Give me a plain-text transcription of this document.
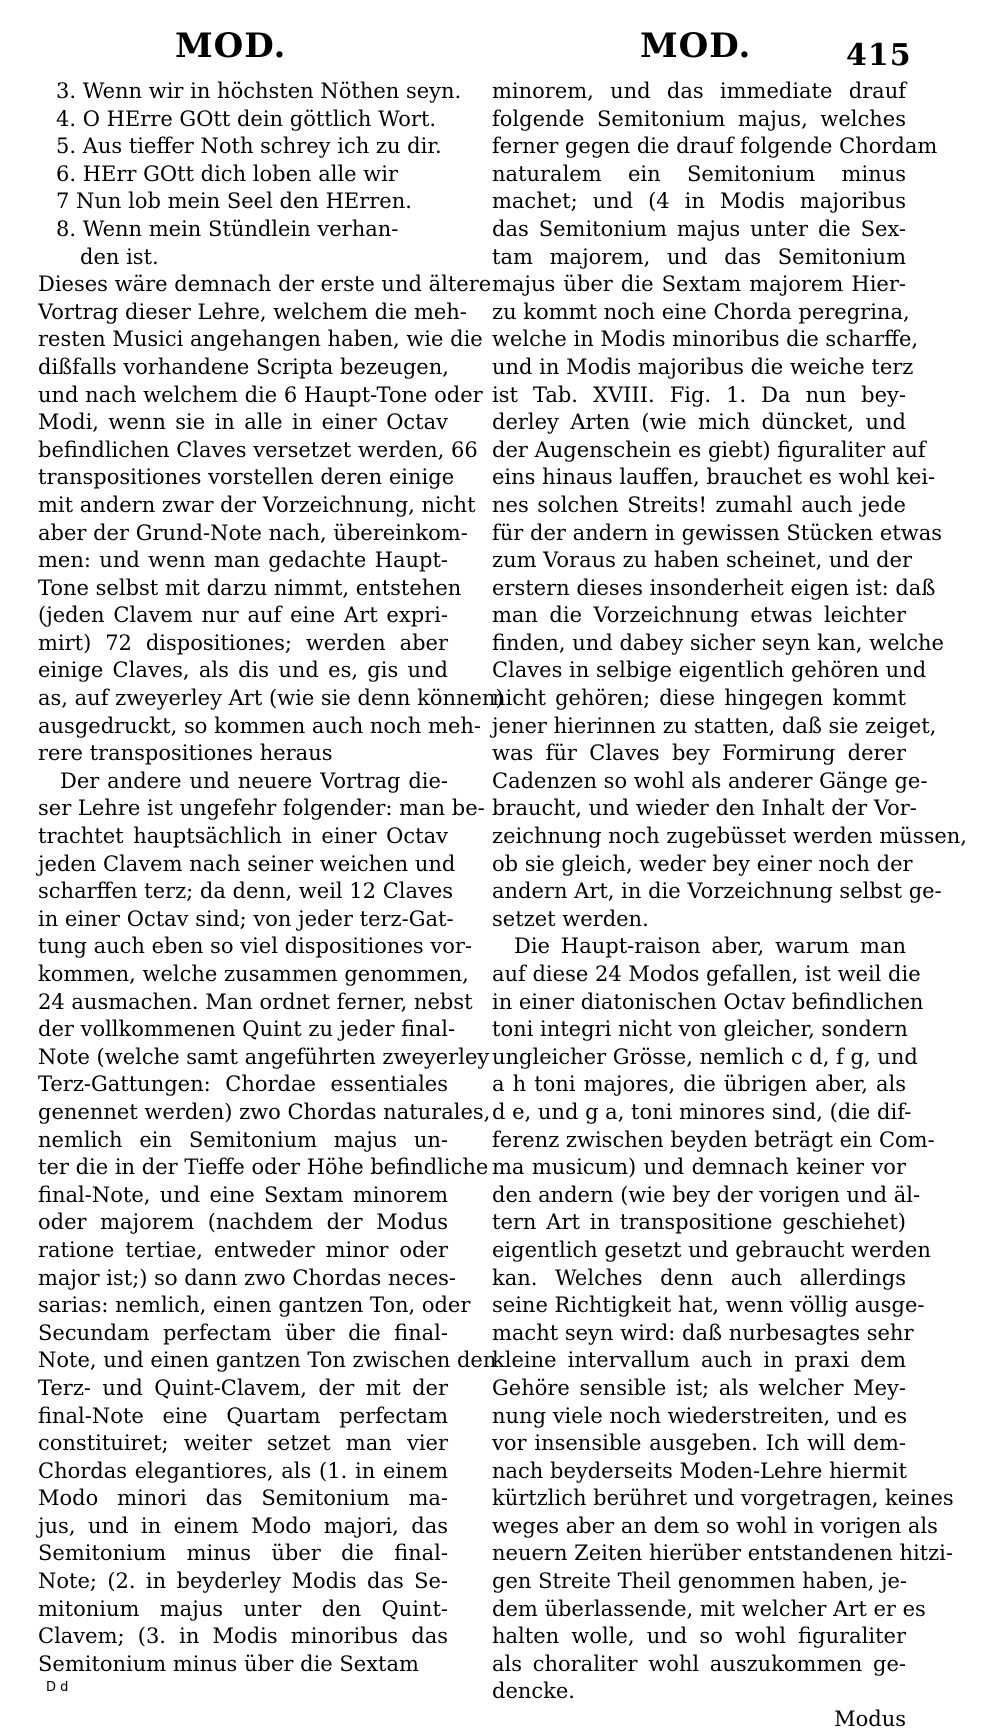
MOD.	MOD.	415
3. Wenn wir in höchsten Nöthen seyn.
4. O HErre GOtt dein göttlich Wort.
5. Aus tieffer Noth schrey ich zu dir.
6. HErr GOtt dich loben alle wir
7 Nun lob mein Seel den HErren.
8. Wenn mein Stündlein verhan-
den ist.
Dieses wäre demnach der erste und ältere
Vortrag dieser Lehre, welchem die meh-
resten Musici angehangen haben, wie die
dißfalls vorhandene Scripta bezeugen,
und nach welchem die 6 Haupt-Tone oder
Modi, wenn sie in alle in einer Octav
befindlichen Claves versetzet werden, 66
transpositiones vorstellen deren einige
mit andern zwar der Vorzeichnung, nicht
aber der Grund-Note nach, übereinkom-
men: und wenn man gedachte Haupt-
Tone selbst mit darzu nimmt, entstehen
(jeden Clavem nur auf eine Art expri-
mirt) 72 dispositiones; werden aber
einige Claves, als dis und es, gis und
as, auf zweyerley Art (wie sie denn können)
ausgedruckt, so kommen auch noch meh-
rere transpositiones heraus
Der andere und neuere Vortrag die-
ser Lehre ist ungefehr folgender: man be-
trachtet hauptsächlich in einer Octav
jeden Clavem nach seiner weichen und
scharffen terz; da denn, weil 12 Claves
in einer Octav sind; von jeder terz-Gat-
tung auch eben so viel dispositiones vor-
kommen, welche zusammen genommen,
24 ausmachen. Man ordnet ferner, nebst
der vollkommenen Quint zu jeder final-
Note (welche samt angeführten zweyerley
Terz-Gattungen: Chordae essentiales
genennet werden) zwo Chordas naturales,
nemlich ein Semitonium majus un-
ter die in der Tieffe oder Höhe befindliche
final-Note, und eine Sextam minorem
oder majorem (nachdem der Modus
ratione tertiae, entweder minor oder
major ist;) so dann zwo Chordas neces-
sarias: nemlich, einen gantzen Ton, oder
Secundam perfectam über die final-
Note, und einen gantzen Ton zwischen den
Terz- und Quint-Clavem, der mit der
final-Note eine Quartam perfectam
constituiret; weiter setzet man vier
Chordas elegantiores, als (1. in einem
Modo minori das Semitonium ma-
jus, und in einem Modo majori, das
Semitonium minus über die final-
Note; (2. in beyderley Modis das Se-
mitonium majus unter den Quint-
Clavem; (3. in Modis minoribus das
Semitonium minus über die Sextam
minorem, und das immediate drauf
folgende Semitonium majus, welches
ferner gegen die drauf folgende Chordam
naturalem ein Semitonium minus
machet; und (4 in Modis majoribus
das Semitonium majus unter die Sex-
tam majorem, und das Semitonium
majus über die Sextam majorem Hier-
zu kommt noch eine Chorda peregrina,
welche in Modis minoribus die scharffe,
und in Modis majoribus die weiche terz
ist Tab. XVIII. Fig. 1. Da nun bey-
derley Arten (wie mich düncket, und
der Augenschein es giebt) figuraliter auf
eins hinaus lauffen, brauchet es wohl kei-
nes solchen Streits! zumahl auch jede
für der andern in gewissen Stücken etwas
zum Voraus zu haben scheinet, und der
erstern dieses insonderheit eigen ist: daß
man die Vorzeichnung etwas leichter
finden, und dabey sicher seyn kan, welche
Claves in selbige eigentlich gehören und
nicht gehören; diese hingegen kommt
jener hierinnen zu statten, daß sie zeiget,
was für Claves bey Formirung derer
Cadenzen so wohl als anderer Gänge ge-
braucht, und wieder den Inhalt der Vor-
zeichnung noch zugebüsset werden müssen,
ob sie gleich, weder bey einer noch der
andern Art, in die Vorzeichnung selbst ge-
setzet werden.
Die Haupt-raison aber, warum man
auf diese 24 Modos gefallen, ist weil die
in einer diatonischen Octav befindlichen
toni integri nicht von gleicher, sondern
ungleicher Grösse, nemlich c d, f g, und
a h toni majores, die übrigen aber, als
d e, und g a, toni minores sind, (die dif-
ferenz zwischen beyden beträgt ein Com-
ma musicum) und demnach keiner vor
den andern (wie bey der vorigen und äl-
tern Art in transpositione geschiehet)
eigentlich gesetzt und gebraucht werden
kan. Welches denn auch allerdings
seine Richtigkeit hat, wenn völlig ausge-
macht seyn wird: daß nurbesagtes sehr
kleine intervallum auch in praxi dem
Gehöre sensible ist; als welcher Mey-
nung viele noch wiederstreiten, und es
vor insensible ausgeben. Ich will dem-
nach beyderseits Moden-Lehre hiermit
kürtzlich berühret und vorgetragen, keines
weges aber an dem so wohl in vorigen als
neuern Zeiten hierüber entstandenen hitzi-
gen Streite Theil genommen haben, je-
dem überlassende, mit welcher Art er es
halten wolle, und so wohl figuraliter
als choraliter wohl auszukommen ge-
dencke.
Modus
D d
